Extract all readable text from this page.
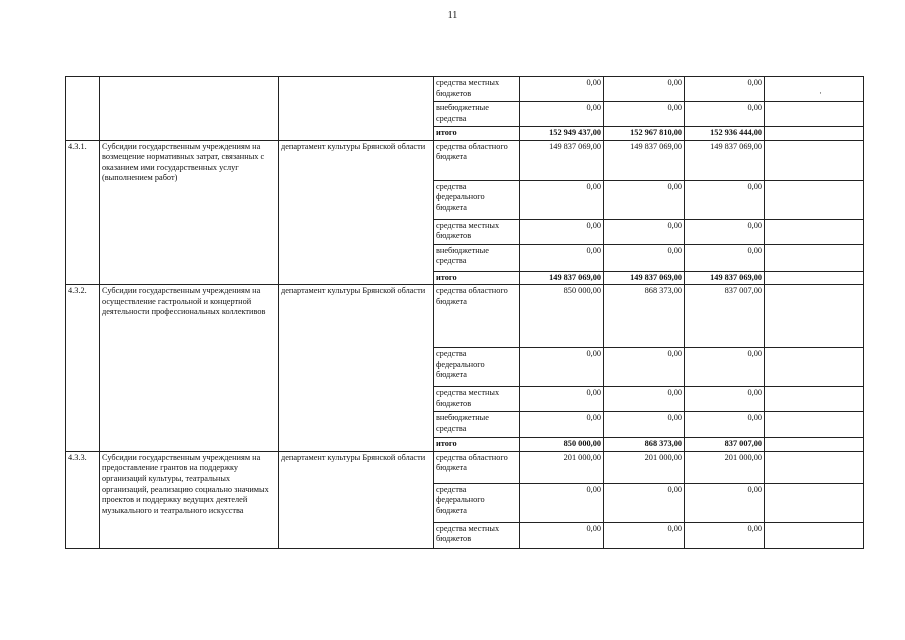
11
			средства местных бюджетов	0,00	0,00	0,00	
			внебюджетные средства	0,00	0,00	0,00	
			итого	152 949 437,00	152 967 810,00	152 936 444,00	
4.3.1.	Субсидии государственным учреждениям на возмещение нормативных затрат, связанных с оказанием ими государственных услуг (выполнением работ)	департамент культуры Брянской области	средства областного бюджета	149 837 069,00	149 837 069,00	149 837 069,00	
			средства федерального бюджета	0,00	0,00	0,00	
			средства местных бюджетов	0,00	0,00	0,00	
			внебюджетные средства	0,00	0,00	0,00	
			итого	149 837 069,00	149 837 069,00	149 837 069,00	
4.3.2.	Субсидии государственным учреждениям на осуществление гастрольной и концертной деятельности профессиональных коллективов	департамент культуры Брянской области	средства областного бюджета	850 000,00	868 373,00	837 007,00	
			средства федерального бюджета	0,00	0,00	0,00	
			средства местных бюджетов	0,00	0,00	0,00	
			внебюджетные средства	0,00	0,00	0,00	
			итого	850 000,00	868 373,00	837 007,00	
4.3.3.	Субсидии государственным учреждениям на предоставление грантов на поддержку организаций культуры, театральных организаций, реализацию социально значимых проектов и поддержку ведущих деятелей музыкального и театрального искусства	департамент культуры Брянской области	средства областного бюджета	201 000,00	201 000,00	201 000,00	
			средства федерального бюджета	0,00	0,00	0,00	
			средства местных бюджетов	0,00	0,00	0,00	
·
